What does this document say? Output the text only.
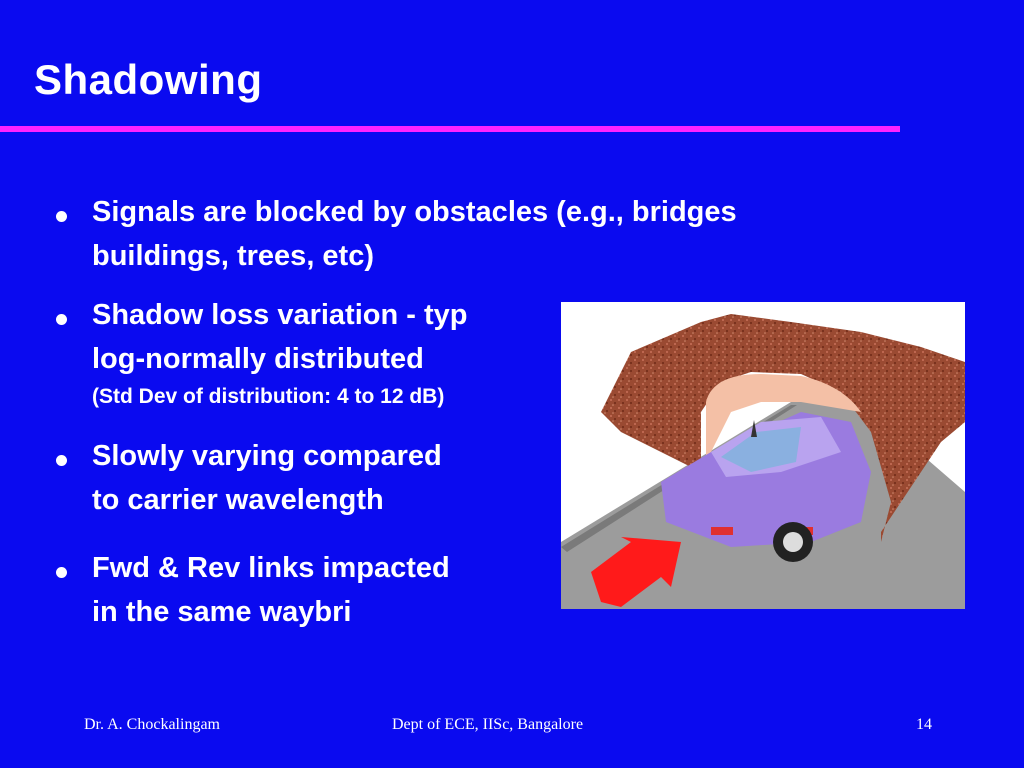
Shadowing
Signals are blocked by obstacles (e.g., bridges
buildings, trees, etc)
Shadow loss variation - typ
log-normally distributed
(Std Dev of distribution: 4 to 12 dB)
Slowly varying compared
to carrier wavelength
Fwd & Rev links impacted
in the same waybri
Dr. A. Chockalingam	Dept of ECE, IISc, Bangalore	14
